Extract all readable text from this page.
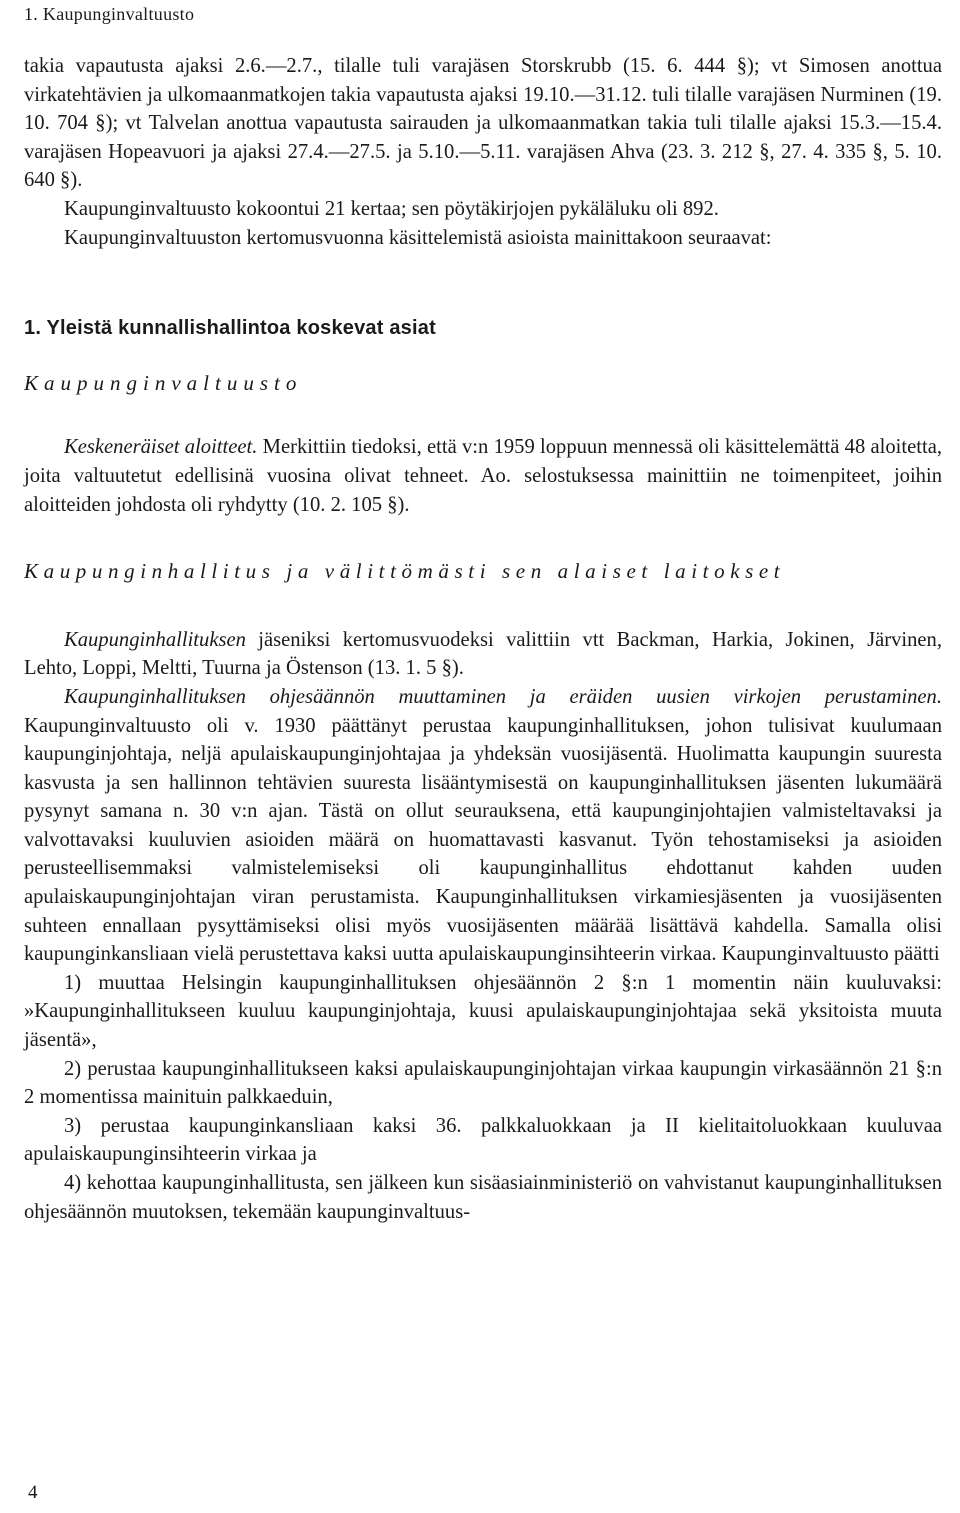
1. Kaupunginvaltuusto

takia vapautusta ajaksi 2.6.—2.7., tilalle tuli varajäsen Storskrubb (15. 6. 444 §); vt Simosen anottua virkatehtävien ja ulkomaanmatkojen takia vapautusta ajaksi 19.10.—31.12. tuli tilalle varajäsen Nurminen (19. 10. 704 §); vt Talvelan anottua vapautusta sairauden ja ulkomaanmatkan takia tuli tilalle ajaksi 15.3.—15.4. varajäsen Hopeavuori ja ajaksi 27.4.—27.5. ja 5.10.—5.11. varajäsen Ahva (23. 3. 212 §, 27. 4. 335 §, 5. 10. 640 §).

Kaupunginvaltuusto kokoontui 21 kertaa; sen pöytäkirjojen pykäläluku oli 892.

Kaupunginvaltuuston kertomusvuonna käsittelemistä asioista mainittakoon seuraavat:

1. Yleistä kunnallishallintoa koskevat asiat

Kaupunginvaltuusto

Keskeneräiset aloitteet. Merkittiin tiedoksi, että v:n 1959 loppuun mennessä oli käsittelemättä 48 aloitetta, joita valtuutetut edellisinä vuosina olivat tehneet. Ao. selostuksessa mainittiin ne toimenpiteet, joihin aloitteiden johdosta oli ryhdytty (10. 2. 105 §).

Kaupunginhallitus ja välittömästi sen alaiset laitokset

Kaupunginhallituksen jäseniksi kertomusvuodeksi valittiin vtt Backman, Harkia, Jokinen, Järvinen, Lehto, Loppi, Meltti, Tuurna ja Östenson (13. 1. 5 §).

Kaupunginhallituksen ohjesäännön muuttaminen ja eräiden uusien virkojen perustaminen. Kaupunginvaltuusto oli v. 1930 päättänyt perustaa kaupunginhallituksen, johon tulisivat kuulumaan kaupunginjohtaja, neljä apulaiskaupunginjohtajaa ja yhdeksän vuosijäsentä. Huolimatta kaupungin suuresta kasvusta ja sen hallinnon tehtävien suuresta lisääntymisestä on kaupunginhallituksen jäsenten lukumäärä pysynyt samana n. 30 v:n ajan. Tästä on ollut seurauksena, että kaupunginjohtajien valmisteltavaksi ja valvottavaksi kuuluvien asioiden määrä on huomattavasti kasvanut. Työn tehostamiseksi ja asioiden perusteellisemmaksi valmistelemiseksi oli kaupunginhallitus ehdottanut kahden uuden apulaiskaupunginjohtajan viran perustamista. Kaupunginhallituksen virkamiesjäsenten ja vuosijäsenten suhteen ennallaan pysyttämiseksi olisi myös vuosijäsenten määrää lisättävä kahdella. Samalla olisi kaupunginkansliaan vielä perustettava kaksi uutta apulaiskaupunginsihteerin virkaa. Kaupunginvaltuusto päätti

1) muuttaa Helsingin kaupunginhallituksen ohjesäännön 2 §:n 1 momentin näin kuuluvaksi: »Kaupunginhallitukseen kuuluu kaupunginjohtaja, kuusi apulaiskaupunginjohtajaa sekä yksitoista muuta jäsentä»,

2) perustaa kaupunginhallitukseen kaksi apulaiskaupunginjohtajan virkaa kaupungin virkasäännön 21 §:n 2 momentissa mainituin palkkaeduin,

3) perustaa kaupunginkansliaan kaksi 36. palkkaluokkaan ja II kielitaitoluokkaan kuuluvaa apulaiskaupunginsihteerin virkaa ja

4) kehottaa kaupunginhallitusta, sen jälkeen kun sisäasiainministeriö on vahvistanut kaupunginhallituksen ohjesäännön muutoksen, tekemään kaupunginvaltuus-

4
